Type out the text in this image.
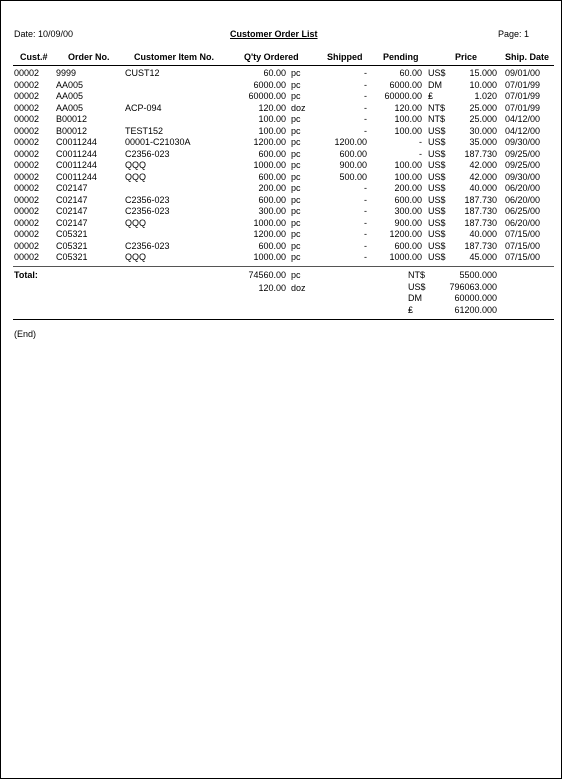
Date: 10/09/00	Customer Order List	Page: 1
Cust.# Order No.	Customer Item No.	Q'ty Ordered	Shipped Pending	Price	Ship. Date
00002 9999	CUST12	60.00 pc	-	60.00 US$	15.000 09/01/00
00002 AA005	6000.00 pc	- 6000.00 DM	10.000 07/01/99
00002 AA005	60000.00 pc	- 60000.00 ₤	1.020 07/01/99
00002 AA005	ACP-094	120.00 doz	-	120.00 NT$	25.000 07/01/99
00002 B00012	100.00 pc	-	100.00 NT$	25.000 04/12/00
00002 B00012	TEST152	100.00 pc	-	100.00 US$	30.000 04/12/00
00002 C0011244	00001-C21030A	1200.00 pc	1200.00	- US$	35.000 09/30/00
00002 C0011244	C2356-023	600.00 pc	600.00	- US$ 187.730 09/25/00
00002 C0011244	QQQ	1000.00 pc	900.00	100.00 US$	42.000 09/25/00
00002 C0011244	QQQ	600.00 pc	500.00	100.00 US$	42.000 09/30/00
00002 C02147	200.00 pc	-	200.00 US$	40.000 06/20/00
00002 C02147	C2356-023	600.00 pc	-	600.00 US$ 187.730 06/20/00
00002 C02147	C2356-023	300.00 pc	-	300.00 US$ 187.730 06/25/00
00002 C02147	QQQ	1000.00 pc	-	900.00 US$ 187.730 06/20/00
00002 C05321	1200.00 pc	- 1200.00 US$	40.000 07/15/00
00002 C05321	C2356-023	600.00 pc	-	600.00 US$ 187.730 07/15/00
00002 C05321	QQQ	1000.00 pc	- 1000.00 US$	45.000 07/15/00
Total:	74560.00 pc
120.00 doz
NT$	5500.000
US$	796063.000
DM	60000.000
₤	61200.000
(End)
